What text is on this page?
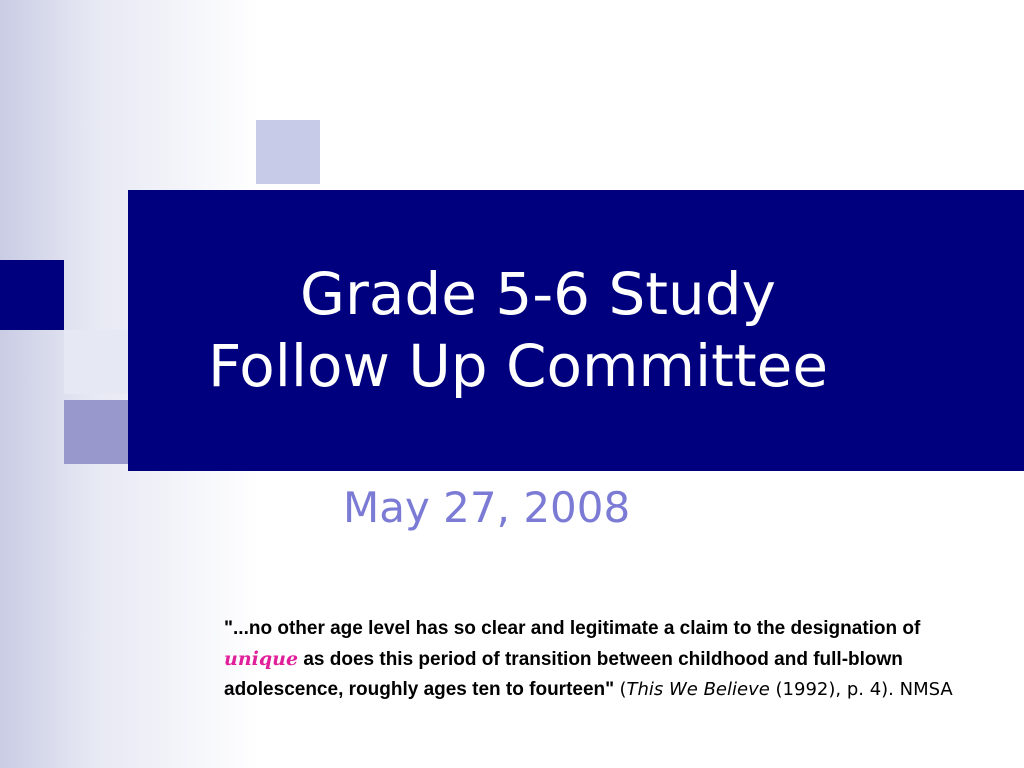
Grade 5-6 Study
Follow Up Committee
May 27, 2008
"...no other age level has so clear and legitimate a claim to the designation of unique as does this period of transition between childhood and full-blown adolescence, roughly ages ten to fourteen" (This We Believe (1992), p. 4). NMSA
